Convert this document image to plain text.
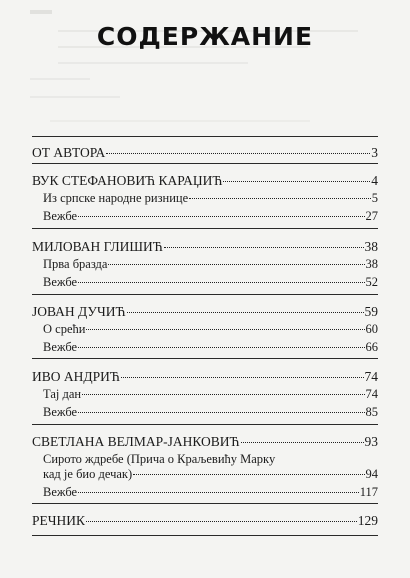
СОДЕРЖАНИЕ
ОТ АВТОРА	3
ВУК СТЕФАНОВИЋ КАРАЏИЋ	4
Из српске народне ризнице	5
Вежбе	27
МИЛОВАН ГЛИШИЋ	38
Прва бразда	38
Вежбе	52
ЈОВАН ДУЧИЋ	59
О срећи	60
Вежбе	66
ИВО АНДРИЋ	74
Тај дан	74
Вежбе	85
СВЕТЛАНА ВЕЛМАР-ЈАНКОВИЋ	93
Сирото ждребе (Прича о Краљевићу Марку
кад је био дечак)	94
Вежбе	117
РЕЧНИК	129
